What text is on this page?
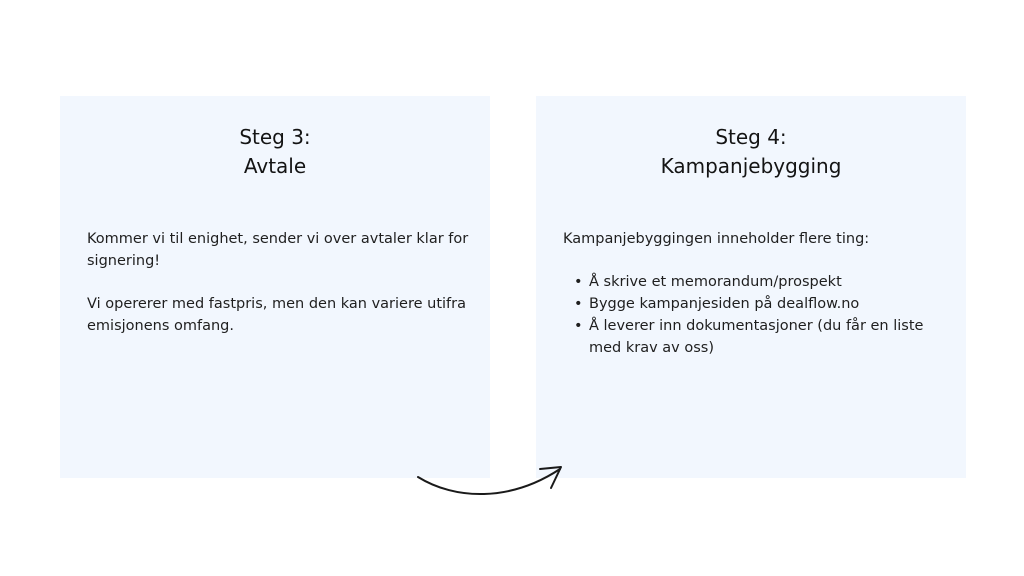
Steg 3:
Avtale

Kommer vi til enighet, sender vi over avtaler klar for signering!

Vi opererer med fastpris, men den kan variere utifra emisjonens omfang.

Steg 4:
Kampanjebygging

Kampanjebyggingen inneholder flere ting:

• Å skrive et memorandum/prospekt
• Bygge kampanjesiden på dealflow.no
• Å leverer inn dokumentasjoner (du får en liste med krav av oss)
